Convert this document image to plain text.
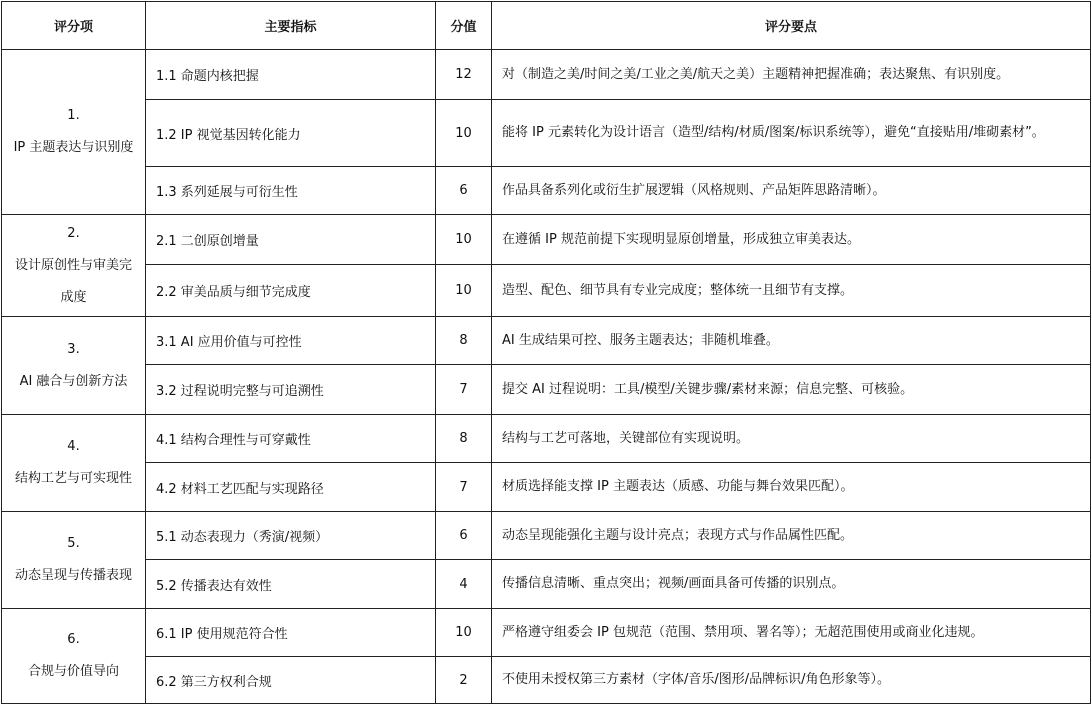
评分项	主要指标	分值	评分要点

1.
IP 主题表达与识别度	1.1 命题内核把握	12	对（制造之美/时间之美/工业之美/航天之美）主题精神把握准确；表达聚焦、有识别度。
	1.2 IP 视觉基因转化能力	10	能将 IP 元素转化为设计语言（造型/结构/材质/图案/标识系统等），避免“直接贴用/堆砌素材”。
	1.3 系列延展与可衍生性	6	作品具备系列化或衍生扩展逻辑（风格规则、产品矩阵思路清晰）。

2.
设计原创性与审美完成度	2.1 二创原创增量	10	在遵循 IP 规范前提下实现明显原创增量，形成独立审美表达。
	2.2 审美品质与细节完成度	10	造型、配色、细节具有专业完成度；整体统一且细节有支撑。

3.
AI 融合与创新方法	3.1 AI 应用价值与可控性	8	AI 生成结果可控、服务主题表达；非随机堆叠。
	3.2 过程说明完整与可追溯性	7	提交 AI 过程说明：工具/模型/关键步骤/素材来源；信息完整、可核验。

4.
结构工艺与可实现性	4.1 结构合理性与可穿戴性	8	结构与工艺可落地，关键部位有实现说明。
	4.2 材料工艺匹配与实现路径	7	材质选择能支撑 IP 主题表达（质感、功能与舞台效果匹配）。

5.
动态呈现与传播表现	5.1 动态表现力（秀演/视频）	6	动态呈现能强化主题与设计亮点；表现方式与作品属性匹配。
	5.2 传播表达有效性	4	传播信息清晰、重点突出；视频/画面具备可传播的识别点。

6.
合规与价值导向	6.1 IP 使用规范符合性	10	严格遵守组委会 IP 包规范（范围、禁用项、署名等）；无超范围使用或商业化违规。
	6.2 第三方权利合规	2	不使用未授权第三方素材（字体/音乐/图形/品牌标识/角色形象等）。
